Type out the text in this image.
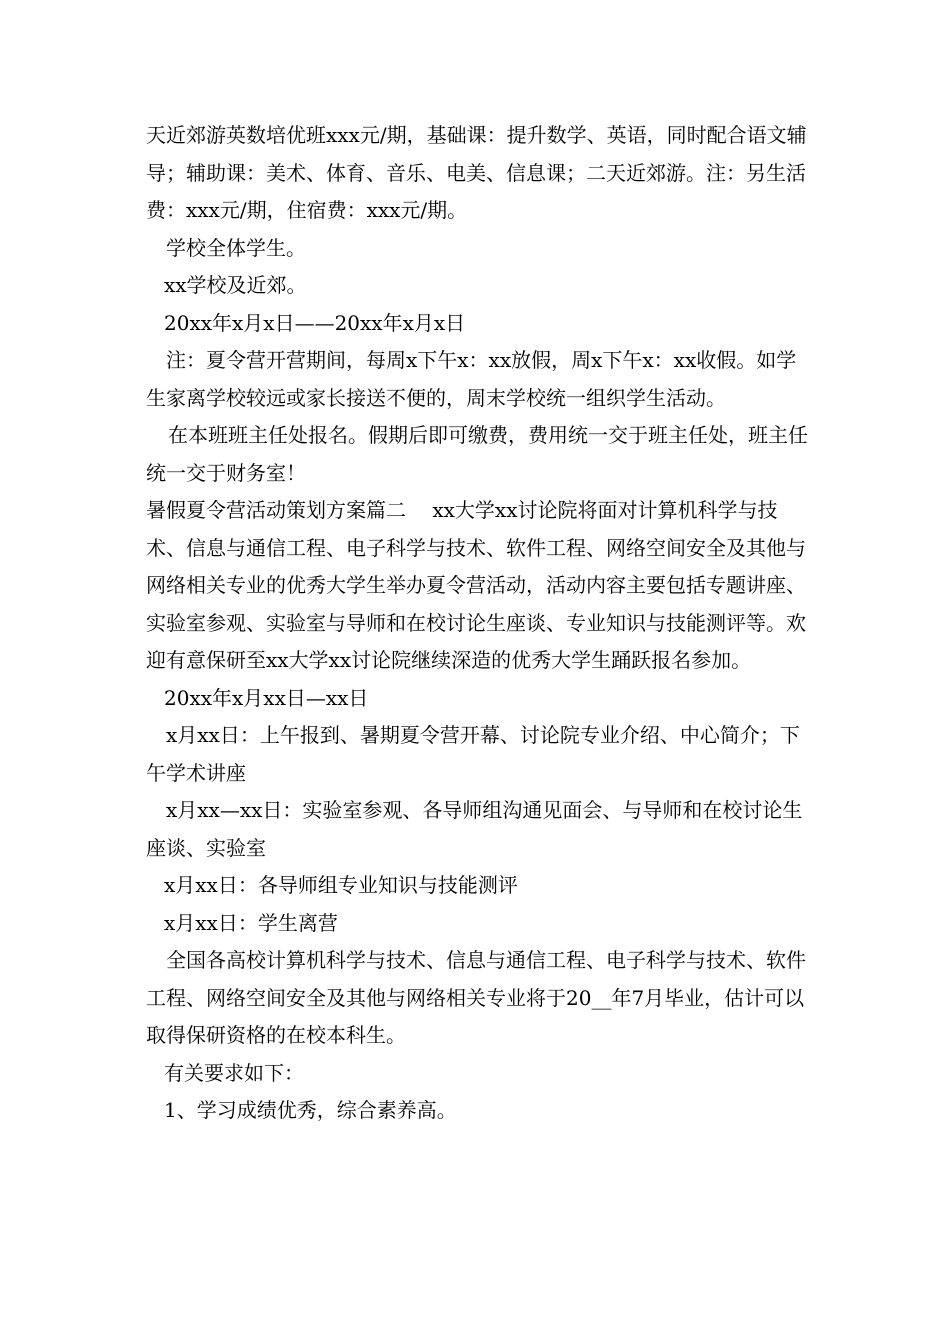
天近郊游英数培优班xxx元/期，基础课：提升数学、英语，同时配合语文辅导；辅助课：美术、体育、音乐、电美、信息课；二天近郊游。注：另生活费：xxx元/期，住宿费：xxx元/期。

学校全体学生。

xx学校及近郊。

20xx年x月x日——20xx年x月x日

注：夏令营开营期间，每周x下午x：xx放假，周x下午x：xx收假。如学生家离学校较远或家长接送不便的，周末学校统一组织学生活动。

在本班班主任处报名。假期后即可缴费，费用统一交于班主任处，班主任统一交于财务室！

暑假夏令营活动策划方案篇二　 xx大学xx讨论院将面对计算机科学与技术、信息与通信工程、电子科学与技术、软件工程、网络空间安全及其他与网络相关专业的优秀大学生举办夏令营活动，活动内容主要包括专题讲座、实验室参观、实验室与导师和在校讨论生座谈、专业知识与技能测评等。欢迎有意保研至xx大学xx讨论院继续深造的优秀大学生踊跃报名参加。

20xx年x月xx日—xx日

x月xx日：上午报到、暑期夏令营开幕、讨论院专业介绍、中心简介；下午学术讲座

x月xx—xx日：实验室参观、各导师组沟通见面会、与导师和在校讨论生座谈、实验室

x月xx日：各导师组专业知识与技能测评

x月xx日：学生离营

全国各高校计算机科学与技术、信息与通信工程、电子科学与技术、软件工程、网络空间安全及其他与网络相关专业将于20__年7月毕业，估计可以取得保研资格的在校本科生。

有关要求如下：

1、学习成绩优秀，综合素养高。
